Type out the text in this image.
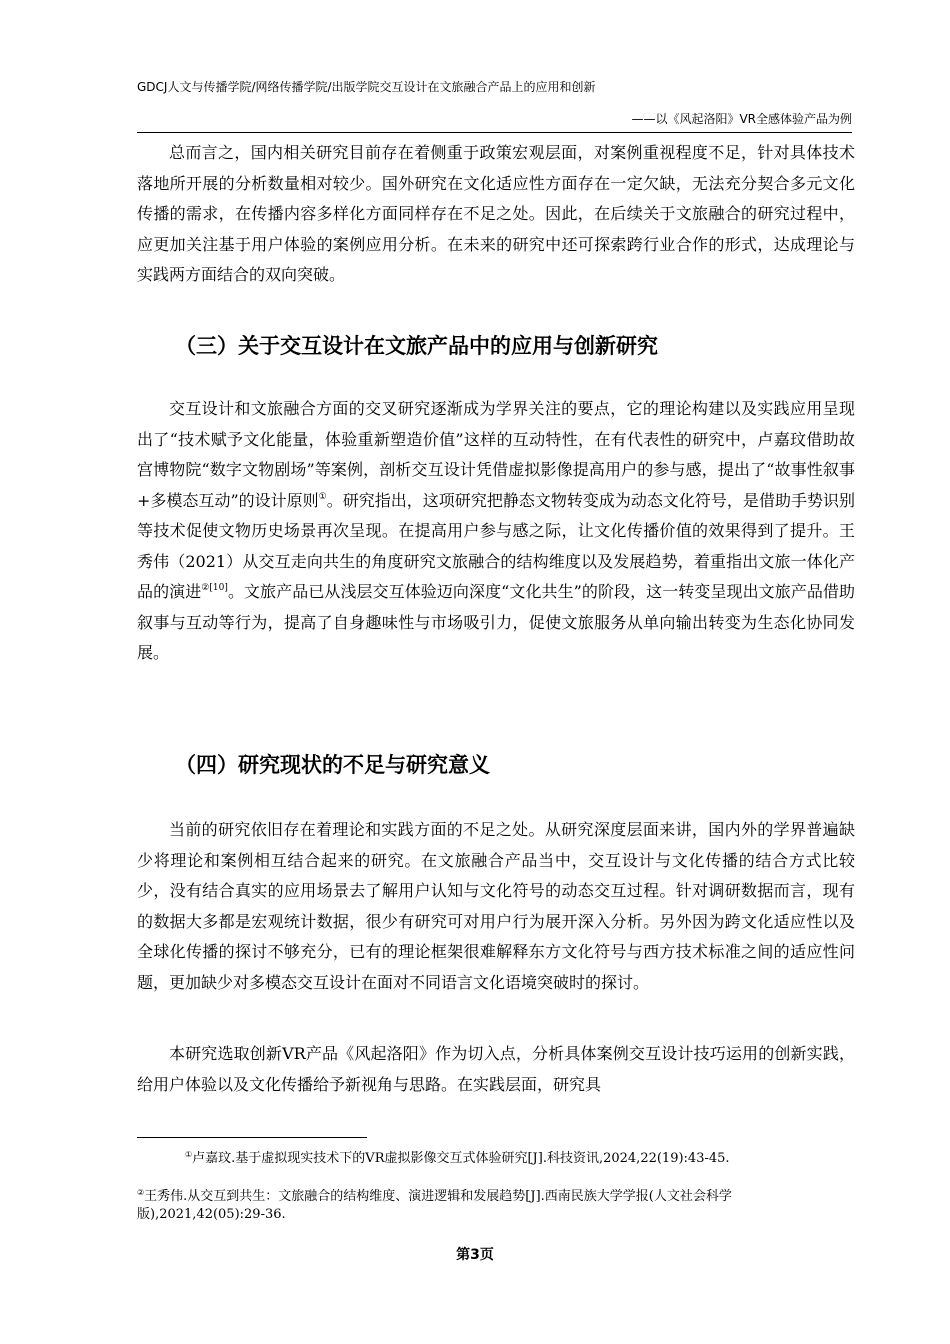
GDCJ人文与传播学院/网络传播学院/出版学院交互设计在文旅融合产品上的应用和创新
——以《风起洛阳》VR全感体验产品为例

总而言之，国内相关研究目前存在着侧重于政策宏观层面，对案例重视程度不足，针对具体技术落地所开展的分析数量相对较少。国外研究在文化适应性方面存在一定欠缺，无法充分契合多元文化传播的需求，在传播内容多样化方面同样存在不足之处。因此，在后续关于文旅融合的研究过程中，应更加关注基于用户体验的案例应用分析。在未来的研究中还可探索跨行业合作的形式，达成理论与实践两方面结合的双向突破。

（三）关于交互设计在文旅产品中的应用与创新研究

交互设计和文旅融合方面的交叉研究逐渐成为学界关注的要点，它的理论构建以及实践应用呈现出了“技术赋予文化能量，体验重新塑造价值”这样的互动特性，在有代表性的研究中，卢嘉玟借助故宫博物院“数字文物剧场”等案例，剖析交互设计凭借虚拟影像提高用户的参与感，提出了“故事性叙事+多模态互动”的设计原则①。研究指出，这项研究把静态文物转变成为动态文化符号，是借助手势识别等技术促使文物历史场景再次呈现。在提高用户参与感之际，让文化传播价值的效果得到了提升。王秀伟（2021）从交互走向共生的角度研究文旅融合的结构维度以及发展趋势，着重指出文旅一体化产品的演进$^{②[10]}$。文旅产品已从浅层交互体验迈向深度“文化共生”的阶段，这一转变呈现出文旅产品借助叙事与互动等行为，提高了自身趣味性与市场吸引力，促使文旅服务从单向输出转变为生态化协同发展。

（四）研究现状的不足与研究意义

当前的研究依旧存在着理论和实践方面的不足之处。从研究深度层面来讲，国内外的学界普遍缺少将理论和案例相互结合起来的研究。在文旅融合产品当中，交互设计与文化传播的结合方式比较少，没有结合真实的应用场景去了解用户认知与文化符号的动态交互过程。针对调研数据而言，现有的数据大多都是宏观统计数据，很少有研究可对用户行为展开深入分析。另外因为跨文化适应性以及全球化传播的探讨不够充分，已有的理论框架很难解释东方文化符号与西方技术标准之间的适应性问题，更加缺少对多模态交互设计在面对不同语言文化语境突破时的探讨。

本研究选取创新VR产品《风起洛阳》作为切入点，分析具体案例交互设计技巧运用的创新实践，给用户体验以及文化传播给予新视角与思路。在实践层面，研究具

①卢嘉玟.基于虚拟现实技术下的VR虚拟影像交互式体验研究[J].科技资讯,2024,22(19):43-45.

②王秀伟.从交互到共生：文旅融合的结构维度、演进逻辑和发展趋势[J].西南民族大学学报(人文社会科学版),2021,42(05):29-36.

第3页
